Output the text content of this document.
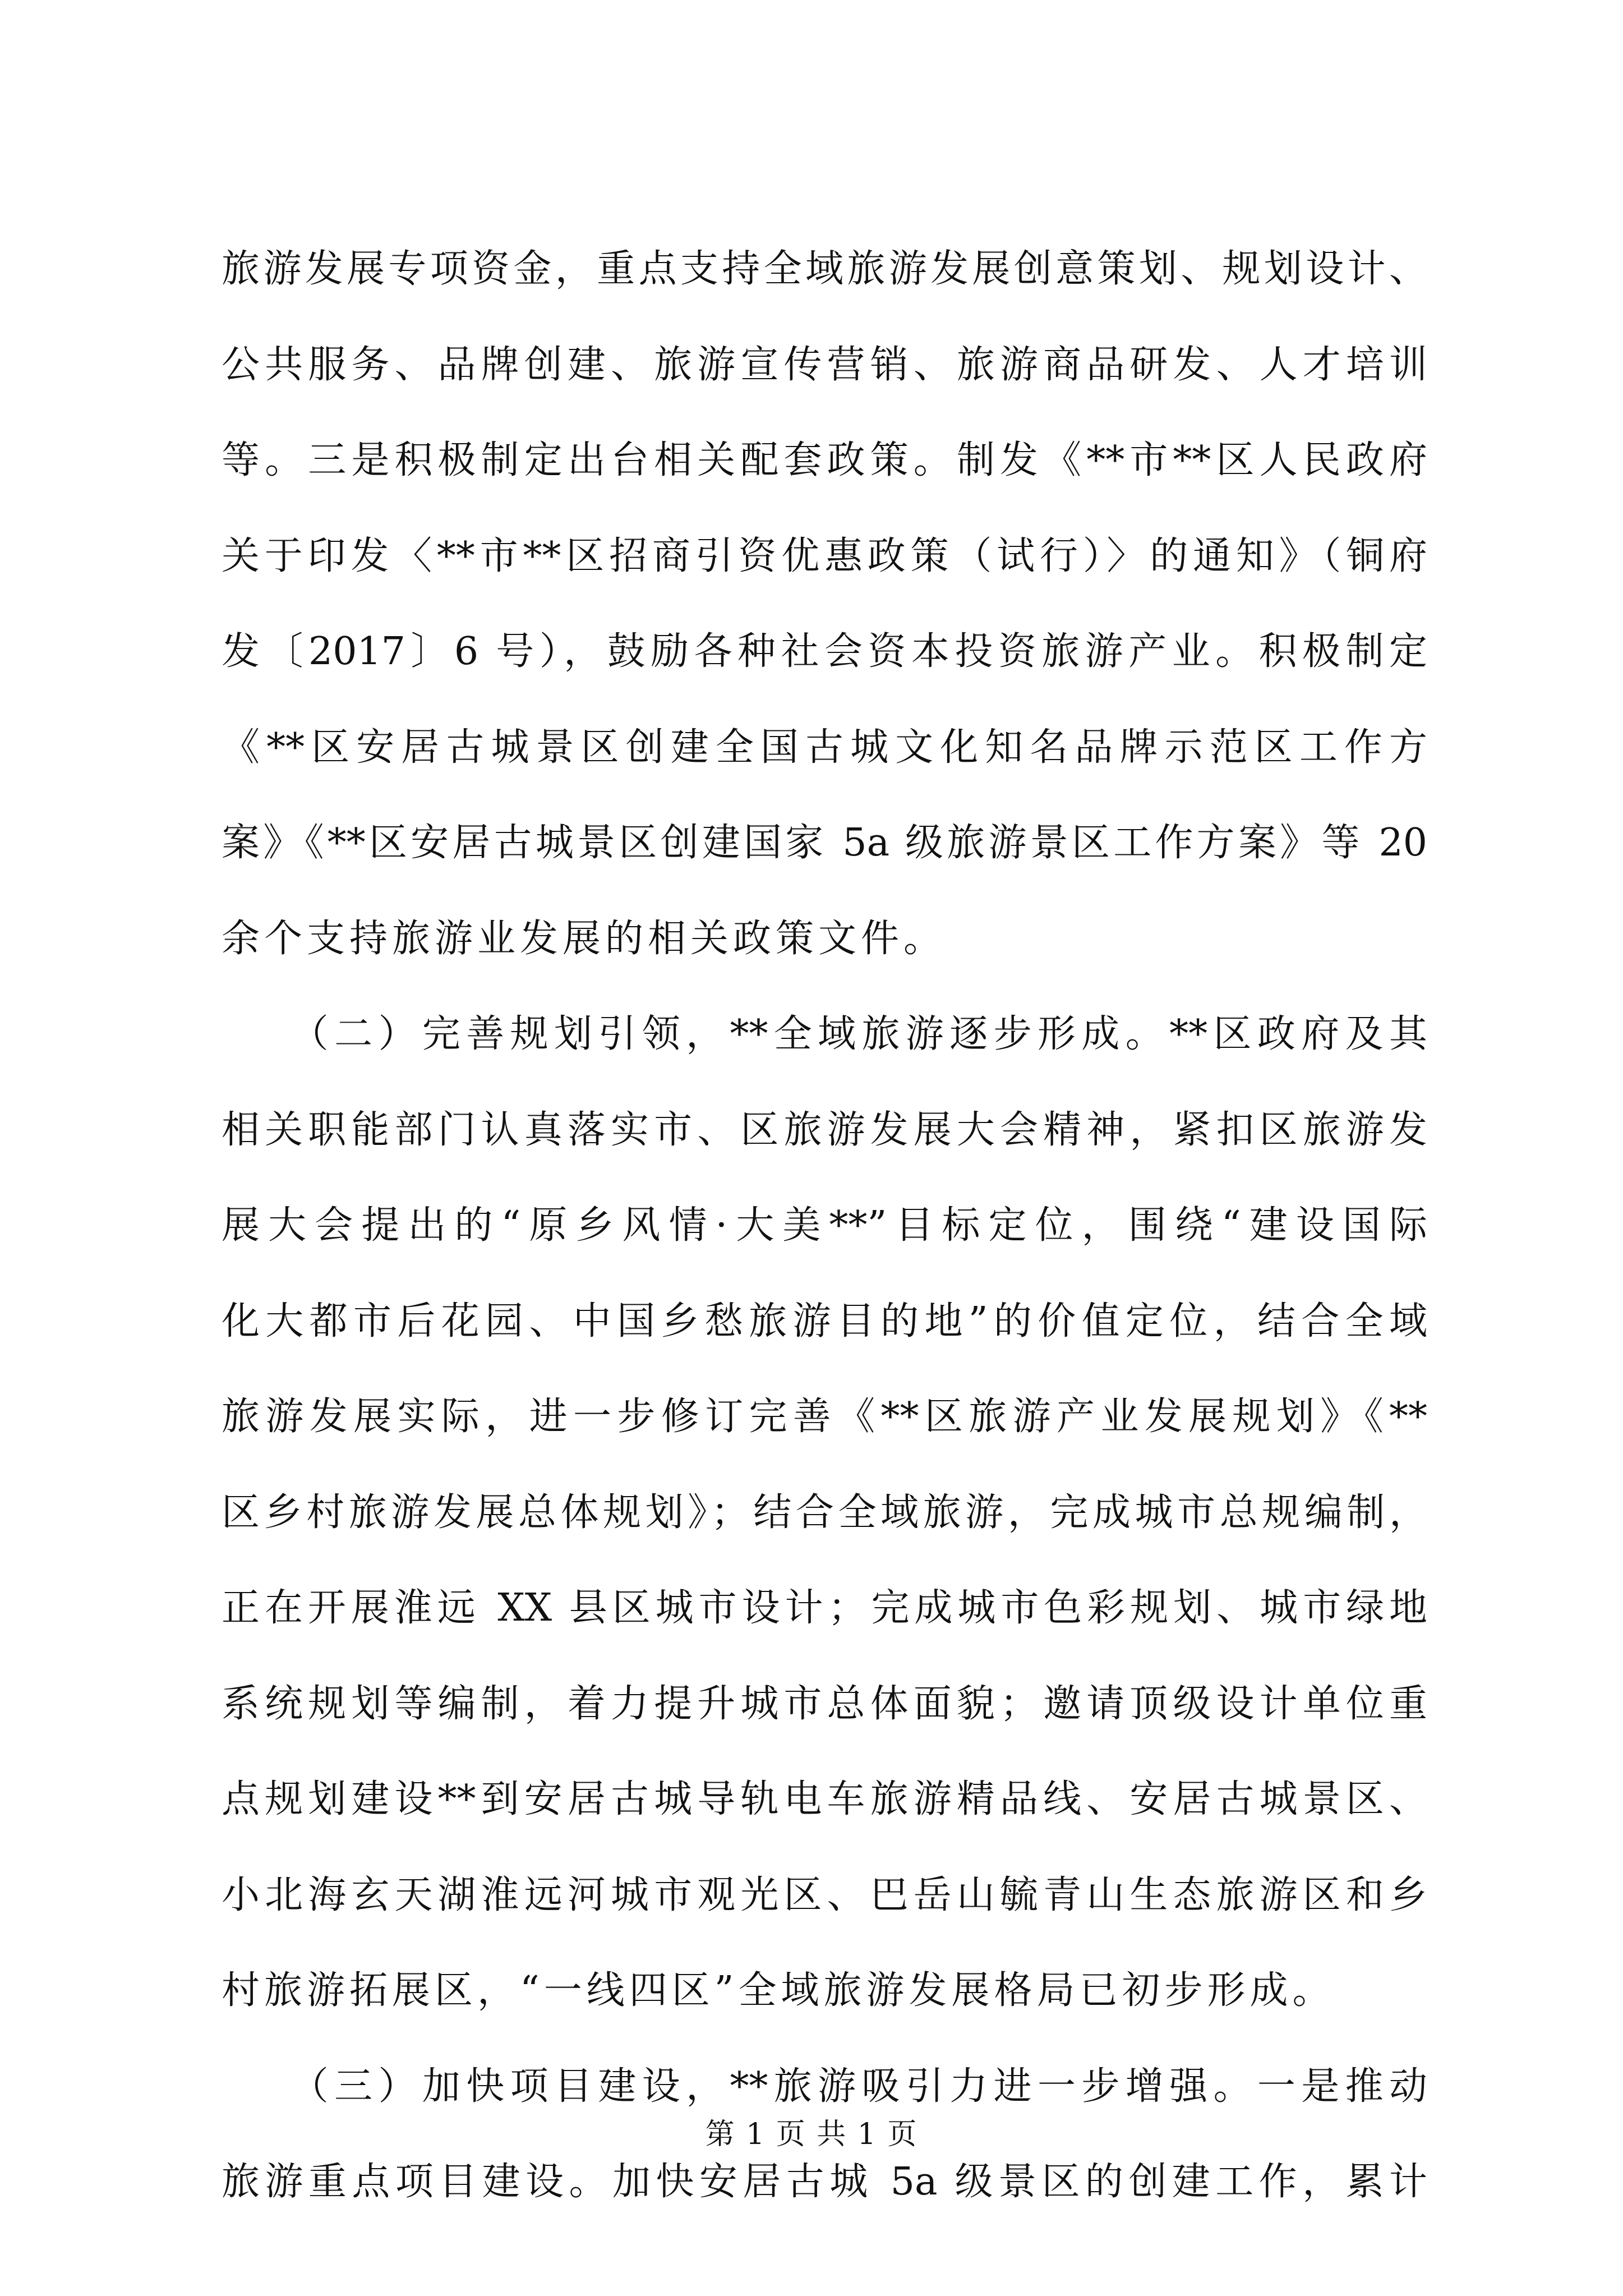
旅游发展专项资金，重点支持全域旅游发展创意策划、规划设计、
公共服务、品牌创建、旅游宣传营销、旅游商品研发、人才培训
等。三是积极制定出台相关配套政策。制发《**市**区人民政府
关于印发〈**市**区招商引资优惠政策（试行）〉的通知》（铜府
发〔2017〕6 号），鼓励各种社会资本投资旅游产业。积极制定
《**区安居古城景区创建全国古城文化知名品牌示范区工作方
案》《**区安居古城景区创建国家 5a 级旅游景区工作方案》等 20
余个支持旅游业发展的相关政策文件。
　　（二）完善规划引领，**全域旅游逐步形成。**区政府及其
相关职能部门认真落实市、区旅游发展大会精神，紧扣区旅游发
展大会提出的“原乡风情·大美**”目标定位，围绕“建设国际
化大都市后花园、中国乡愁旅游目的地”的价值定位，结合全域
旅游发展实际，进一步修订完善《**区旅游产业发展规划》《**
区乡村旅游发展总体规划》；结合全域旅游，完成城市总规编制，
正在开展淮远 XX 县区城市设计；完成城市色彩规划、城市绿地
系统规划等编制，着力提升城市总体面貌；邀请顶级设计单位重
点规划建设**到安居古城导轨电车旅游精品线、安居古城景区、
小北海玄天湖淮远河城市观光区、巴岳山毓青山生态旅游区和乡
村旅游拓展区，“一线四区”全域旅游发展格局已初步形成。
　　（三）加快项目建设，**旅游吸引力进一步增强。一是推动
旅游重点项目建设。加快安居古城 5a 级景区的创建工作，累计
第 1 页 共 1 页
